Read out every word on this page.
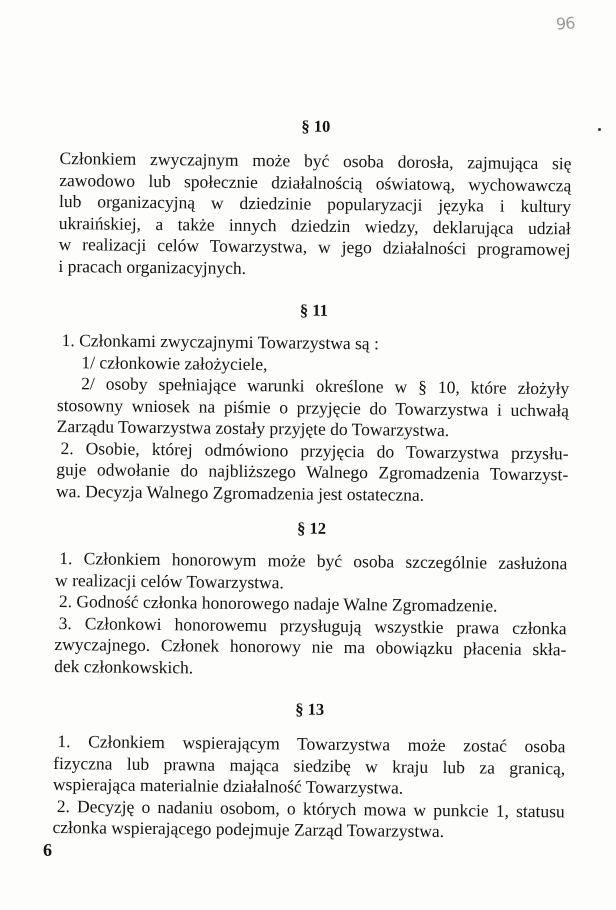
96
§ 10
Członkiem zwyczajnym może być osoba dorosła, zajmująca się
zawodowo lub społecznie działalnością oświatową, wychowawczą
lub organizacyjną w dziedzinie popularyzacji języka i kultury
ukraińskiej, a także innych dziedzin wiedzy, deklarująca udział
w realizacji celów Towarzystwa, w jego działalności programowej
i pracach organizacyjnych.
§ 11
1. Członkami zwyczajnymi Towarzystwa są :
1/ członkowie założyciele,
2/ osoby spełniające warunki określone w § 10, które złożyły
stosowny wniosek na piśmie o przyjęcie do Towarzystwa i uchwałą
Zarządu Towarzystwa zostały przyjęte do Towarzystwa.
2. Osobie, której odmówiono przyjęcia do Towarzystwa przysłu-
guje odwołanie do najbliższego Walnego Zgromadzenia Towarzyst-
wa. Decyzja Walnego Zgromadzenia jest ostateczna.
§ 12
1. Członkiem honorowym może być osoba szczególnie zasłużona
w realizacji celów Towarzystwa.
2. Godność członka honorowego nadaje Walne Zgromadzenie.
3. Członkowi honorowemu przysługują wszystkie prawa członka
zwyczajnego. Członek honorowy nie ma obowiązku płacenia skła-
dek członkowskich.
§ 13
1. Członkiem wspierającym Towarzystwa może zostać osoba
fizyczna lub prawna mająca siedzibę w kraju lub za granicą,
wspierająca materialnie działalność Towarzystwa.
2. Decyzję o nadaniu osobom, o których mowa w punkcie 1, statusu
członka wspierającego podejmuje Zarząd Towarzystwa.
6
